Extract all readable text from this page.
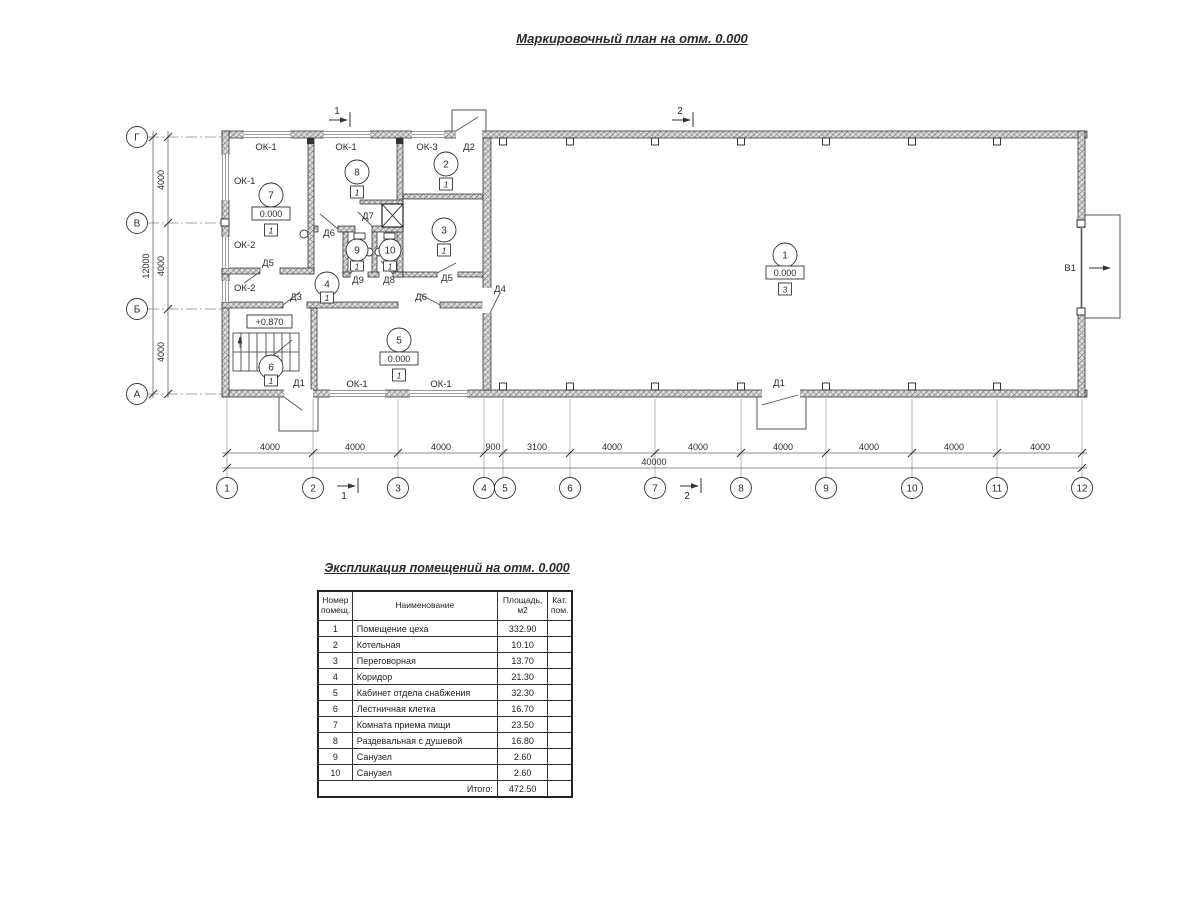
Маркировочный план на отм. 0.000
4000	4000	4000	900	3100	4000	4000	4000	4000	4000	4000
40000
4000
4000
4000
12000
+0.870
ОК-1	ОК-1	ОК-3	Д2
ОК-1
ОК-2
ОК-2
ОК-1	ОК-1
Д1	Д1
Д5
Д5
Д9 Д8
Д6
Д7
Д3	Д6
Д4
В1
1
0.000
3
7
0.000
1
8
1
2
1
3
1
9
1
10
1
4
1
6
1
5
0.000
1
1	2
1	2
Г
В
Б
А
1	2	3	4 5	6	7	8	9	10	11	12
Экспликация помещений на отм. 0.000
Номер помещ.	Наименование	Площадь, м2	Кат. пом.
1	Помещение цеха	332.90	
2	Котельная	10.10	
3	Переговорная	13.70	
4	Коридор	21.30	
5	Кабинет отдела снабжения	32.30	
6	Лестничная клетка	16.70	
7	Комната приема пищи	23.50	
8	Раздевальная с душевой	16.80	
9	Санузел	2.60	
10	Санузел	2.60	
Итого:		472.50	
